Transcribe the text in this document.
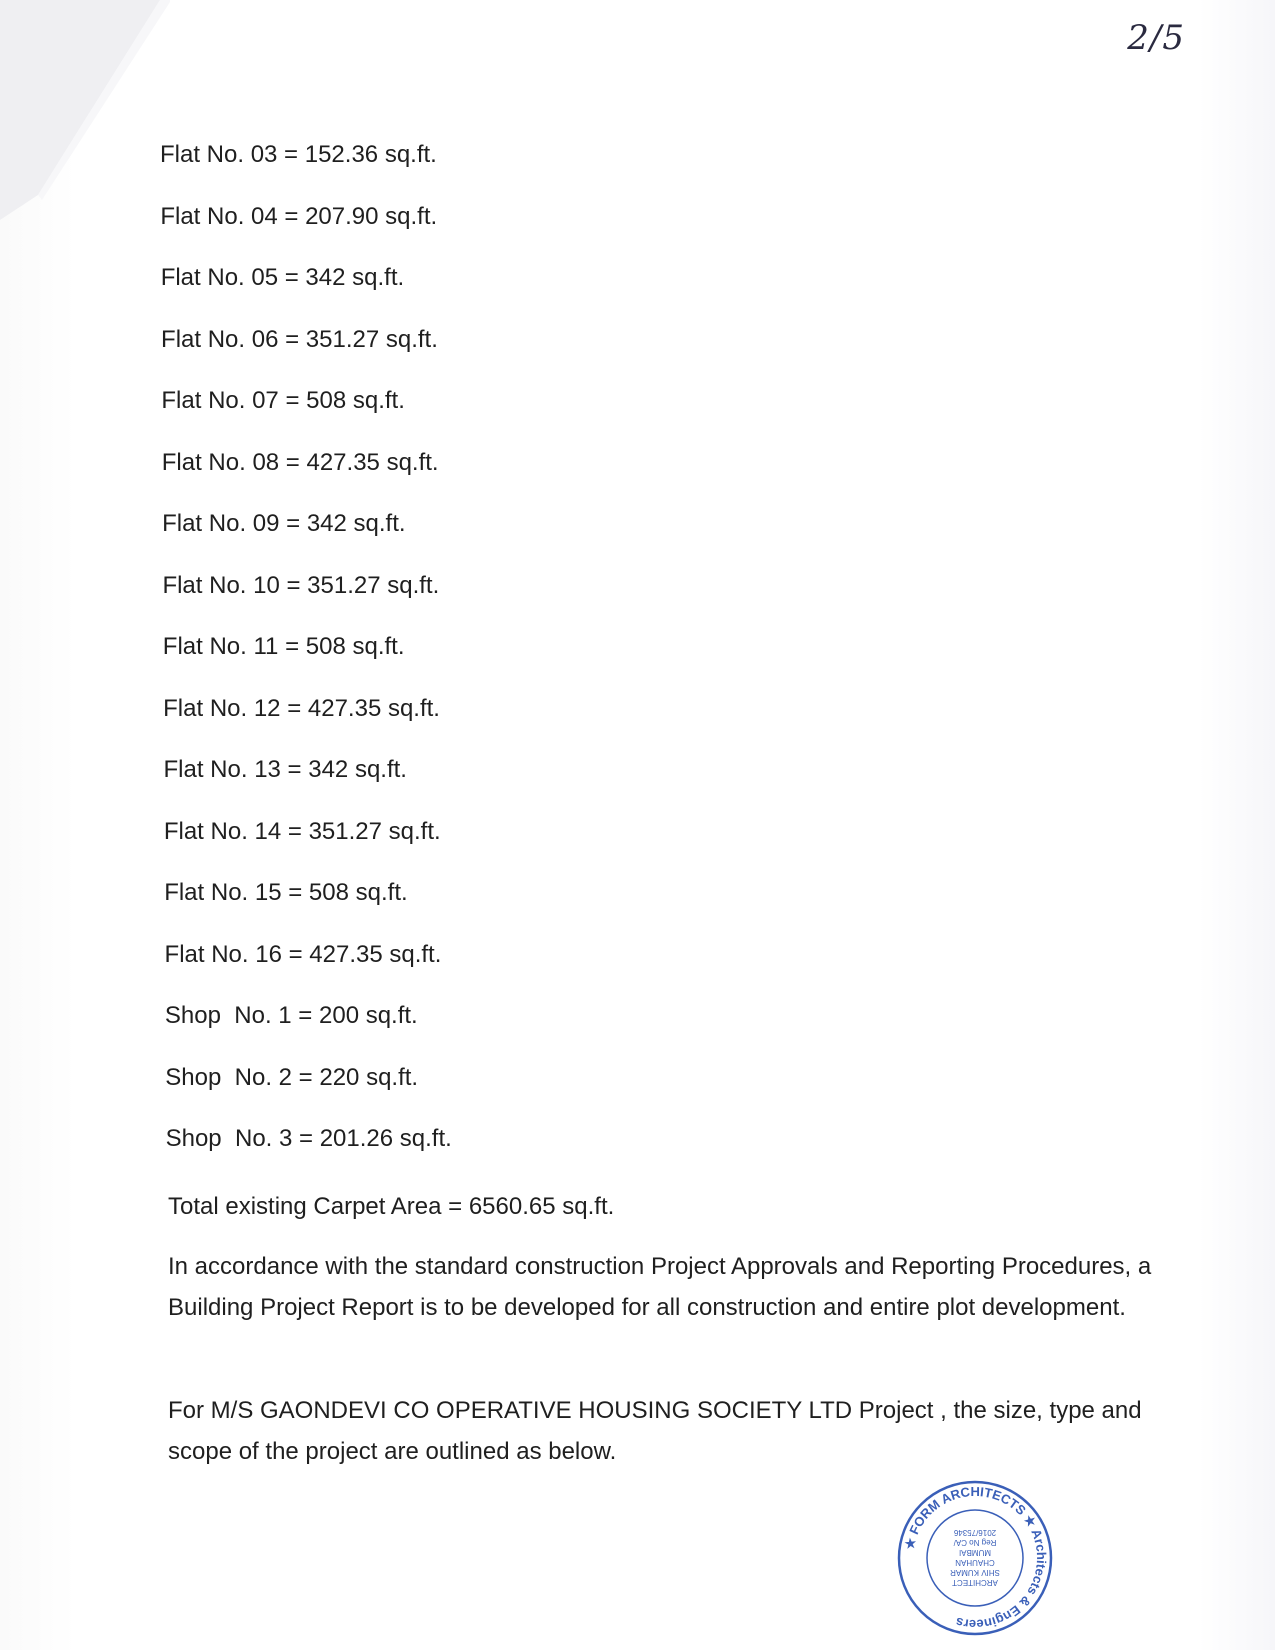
2/5
Flat No. 03 = 152.36 sq.ft.
Flat No. 04 = 207.90 sq.ft.
Flat No. 05 = 342 sq.ft.
Flat No. 06 = 351.27 sq.ft.
Flat No. 07 = 508 sq.ft.
Flat No. 08 = 427.35 sq.ft.
Flat No. 09 = 342 sq.ft.
Flat No. 10 = 351.27 sq.ft.
Flat No. 11 = 508 sq.ft.
Flat No. 12 = 427.35 sq.ft.
Flat No. 13 = 342 sq.ft.
Flat No. 14 = 351.27 sq.ft.
Flat No. 15 = 508 sq.ft.
Flat No. 16 = 427.35 sq.ft.
Shop  No. 1 = 200 sq.ft.
Shop  No. 2 = 220 sq.ft.
Shop  No. 3 = 201.26 sq.ft.
Total existing Carpet Area = 6560.65 sq.ft.
In accordance with the standard construction Project Approvals and Reporting Procedures, a Building Project Report is to be developed for all construction and entire plot development.
For M/S GAONDEVI CO OPERATIVE HOUSING SOCIETY LTD Project , the size, type and scope of the project are outlined as below.
★ FORM ARCHITECTS ★ Architects & Engineers
ARCHITECT
SHIV KUMAR
CHAUHAN
MUMBAI
Reg No CA/
2016/75346
